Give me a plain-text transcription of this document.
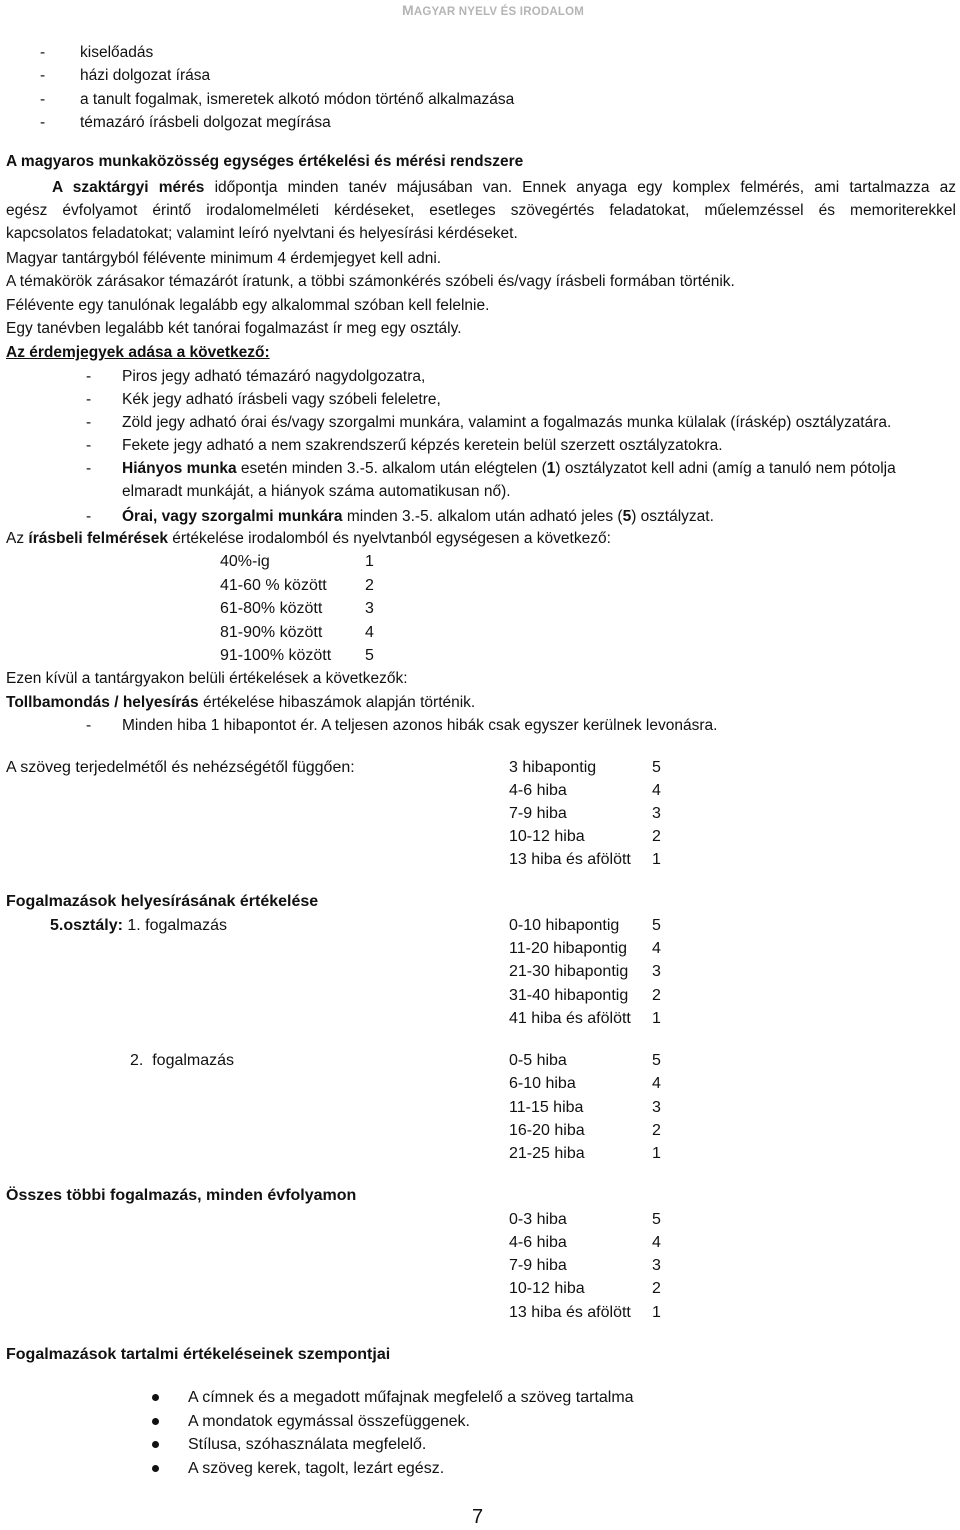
MAGYAR NYELV ÉS IRODALOM
- kiselőadás
- házi dolgozat írása
- a tanult fogalmak, ismeretek alkotó módon történő alkalmazása
- témazáró írásbeli dolgozat megírása
A magyaros munkaközösség egységes értékelési és mérési rendszere
A szaktárgyi mérés időpontja minden tanév májusában van. Ennek anyaga egy komplex felmérés, ami tartalmazza az
egész évfolyamot érintő irodalomelméleti kérdéseket, esetleges szövegértés feladatokat, műelemzéssel és memoriterekkel
kapcsolatos feladatokat; valamint leíró nyelvtani és helyesírási kérdéseket.
Magyar tantárgyból félévente minimum 4 érdemjegyet kell adni.
A témakörök zárásakor témazárót íratunk, a többi számonkérés szóbeli és/vagy írásbeli formában történik.
Félévente egy tanulónak legalább egy alkalommal szóban kell felelnie.
Egy tanévben legalább két tanórai fogalmazást ír meg egy osztály.
Az érdemjegyek adása a következő:
- Piros jegy adható témazáró nagydolgozatra,
- Kék jegy adható írásbeli vagy szóbeli feleletre,
- Zöld jegy adható órai és/vagy szorgalmi munkára, valamint a fogalmazás munka külalak (íráskép) osztályzatára.
- Fekete jegy adható a nem szakrendszerű képzés keretein belül szerzett osztályzatokra.
- Hiányos munka esetén minden 3.-5. alkalom után elégtelen (1) osztályzatot kell adni (amíg a tanuló nem pótolja
elmaradt munkáját, a hiányok száma automatikusan nő).
- Órai, vagy szorgalmi munkára minden 3.-5. alkalom után adható jeles (5) osztályzat.
Az írásbeli felmérések értékelése irodalomból és nyelvtanból egységesen a következő:
40%-ig	1
41-60 % között 2
61-80% között	3
81-90% között	4
91-100% között 5
Ezen kívül a tantárgyakon belüli értékelések a következők:
Tollbamondás / helyesírás értékelése hibaszámok alapján történik.
- Minden hiba 1 hibapontot ér. A teljesen azonos hibák csak egyszer kerülnek levonásra.
A szöveg terjedelmétől és nehézségétől függően:	3 hibapontig	5
4-6 hiba	4
7-9 hiba	3
10-12 hiba	2
13 hiba és afölött 1
Fogalmazások helyesírásának értékelése
5.osztály: 1. fogalmazás	0-10 hibapontig 5
11-20 hibapontig 4
21-30 hibapontig 3
31-40 hibapontig 2
41 hiba és afölött 1
2.  fogalmazás	0-5 hiba	5
6-10 hiba	4
11-15 hiba	3
16-20 hiba	2
21-25 hiba	1
Összes többi fogalmazás, minden évfolyamon
0-3 hiba	5
4-6 hiba	4
7-9 hiba	3
10-12 hiba	2
13 hiba és afölött 1
Fogalmazások tartalmi értékeléseinek szempontjai
A címnek és a megadott műfajnak megfelelő a szöveg tartalma
A mondatok egymással összefüggenek.
Stílusa, szóhasználata megfelelő.
A szöveg kerek, tagolt, lezárt egész.
7
